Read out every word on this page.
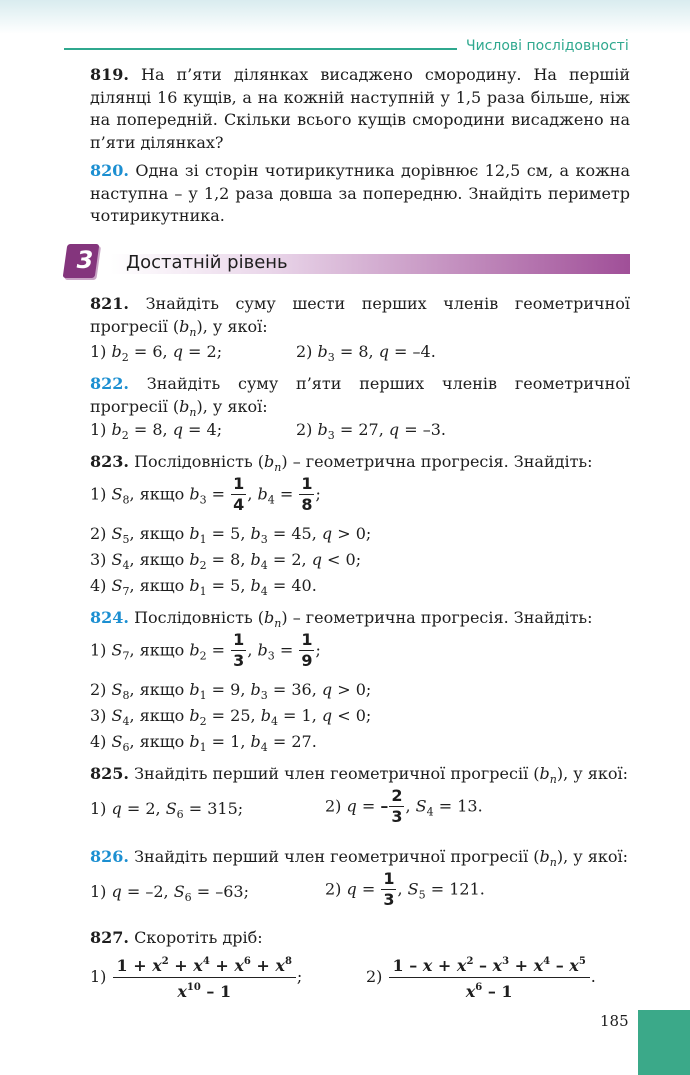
Числові послідовності
819. На п’яти ділянках висаджено смородину. На першій ділянці 16 кущів, а на кожній наступній у 1,5 раза більше, ніж на попередній. Скільки всього кущів смородини висаджено на п’яти ділянках?
820. Одна зі сторін чотирикутника дорівнює 12,5 см, а кожна наступна – у 1,2 раза довша за попередню. Знайдіть периметр чотирикутника.
3 Достатній рівень
821. Знайдіть суму шести перших членів геометричної прогресії $(b_n)$, у якої:
1) $b_2 = 6$, q = 2;	2) $b_3 = 8$, q = –4.
822. Знайдіть суму п’яти перших членів геометричної прогресії $(b_n)$, у якої:
1) $b_2 = 8$, q = 4;	2) $b_3 = 27$, q = –3.
823. Послідовність $(b_n)$ – геометрична прогресія. Знайдіть:
1) $S_8$, якщо $b_3 = \frac{1}{4}$ , $b_4 = \frac{1}{8}$ ;
2) $S_5$, якщо $b_1 = 5$, $b_3 = 45$, q > 0;
3) $S_4$, якщо $b_2 = 8$, $b_4 = 2$, q < 0;
4) $S_7$, якщо $b_1 = 5$, $b_4 = 40$.
824. Послідовність $(b_n)$ – геометрична прогресія. Знайдіть:
1) $S_7$, якщо $b_2 = \frac{1}{3}$ , $b_3 = \frac{1}{9}$ ;
2) $S_8$, якщо $b_1 = 9$, $b_3 = 36$, q > 0;
3) $S_4$, якщо $b_2 = 25$, $b_4 = 1$, q < 0;
4) $S_6$, якщо $b_1 = 1$, $b_4 = 27$.
825. Знайдіть перший член геометричної прогресії $(b_n)$, у якої:
1) q = 2, $S_6 = 315$;	2) q = – $\frac{2}{3}$ , $S_4 = 13$.
826. Знайдіть перший член геометричної прогресії $(b_n)$, у якої:
1) q = –2, $S_6 = -63$;	2) $q = \frac{1}{3}$ , $S_5 = 121$.
827. Скоротіть дріб:
$1) \frac{1 + x^2 + x^4 + x^6 + x^8}{x^{10} - 1}$ ;	$2) \frac{1 - x + x^2 - x^3 + x^4 - x^5}{x^6 - 1}$ .
185
